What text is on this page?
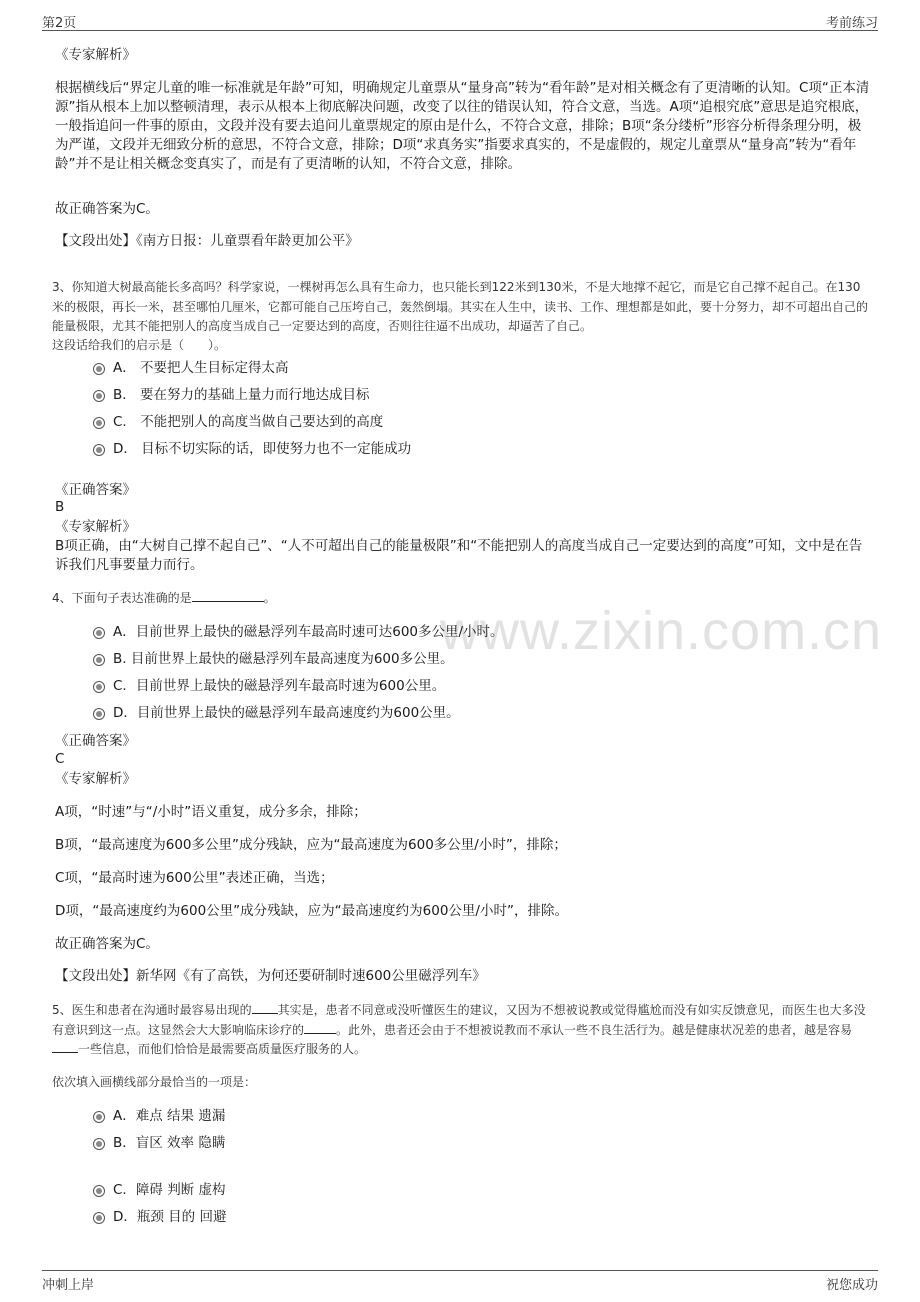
第2页	考前练习
www.zixin.com.cn
《专家解析》
根据横线后“界定儿童的唯一标准就是年龄”可知，明确规定儿童票从“量身高”转为“看年龄”是对相关概念有了更清晰的认知。C项“正本清源”指从根本上加以整顿清理，表示从根本上彻底解决问题，改变了以往的错误认知，符合文意，当选。A项“追根究底”意思是追究根底，一般指追问一件事的原由，文段并没有要去追问儿童票规定的原由是什么，不符合文意，排除；B项“条分缕析”形容分析得条理分明，极为严谨，文段并无细致分析的意思，不符合文意，排除；D项“求真务实”指要求真实的，不是虚假的，规定儿童票从“量身高”转为“看年龄”并不是让相关概念变真实了，而是有了更清晰的认知，不符合文意，排除。
故正确答案为C。
【文段出处】《南方日报：儿童票看年龄更加公平》
3、你知道大树最高能长多高吗？科学家说，一棵树再怎么具有生命力，也只能长到122米到130米，不是大地撑不起它，而是它自己撑不起自己。在130米的极限，再长一米，甚至哪怕几厘米，它都可能自己压垮自己，轰然倒塌。其实在人生中，读书、工作、理想都是如此，要十分努力，却不可超出自己的能量极限，尤其不能把别人的高度当成自己一定要达到的高度，否则往往逼不出成功，却逼苦了自己。
这段话给我们的启示是（　　）。
A． 不要把人生目标定得太高
B． 要在努力的基础上量力而行地达成目标
C． 不能把别人的高度当做自己要达到的高度
D． 目标不切实际的话，即使努力也不一定能成功
《正确答案》
B
《专家解析》
B项正确，由“大树自己撑不起自己”、“人不可超出自己的能量极限”和“不能把别人的高度当成自己一定要达到的高度”可知，文中是在告诉我们凡事要量力而行。
4、下面句子表达准确的是	。
A．目前世界上最快的磁悬浮列车最高时速可达600多公里/小时。
B. 目前世界上最快的磁悬浮列车最高速度为600多公里。
C．目前世界上最快的磁悬浮列车最高时速为600公里。
D．目前世界上最快的磁悬浮列车最高速度约为600公里。
《正确答案》
C
《专家解析》
A项，“时速”与“/小时”语义重复，成分多余，排除；
B项，“最高速度为600多公里”成分残缺，应为“最高速度为600多公里/小时”，排除；
C项，“最高时速为600公里”表述正确，当选；
D项，“最高速度约为600公里”成分残缺，应为“最高速度约为600公里/小时”，排除。
故正确答案为C。
【文段出处】新华网《有了高铁，为何还要研制时速600公里磁浮列车》
5、医生和患者在沟通时最容易出现的 其实是，患者不同意或没听懂医生的建议，又因为不想被说教或觉得尴尬而没有如实反馈意见，而医生也大多没有意识到这一点。这显然会大大影响临床诊疗的	。此外，患者还会由于不想被说教而不承认一些不良生活行为。越是健康状况差的患者，越是容易一些信息，而他们恰恰是最需要高质量医疗服务的人。
依次填入画横线部分最恰当的一项是：
A．难点 结果 遗漏
B．盲区 效率 隐瞒
C．障碍 判断 虚构
D．瓶颈 目的 回避
冲刺上岸	祝您成功
